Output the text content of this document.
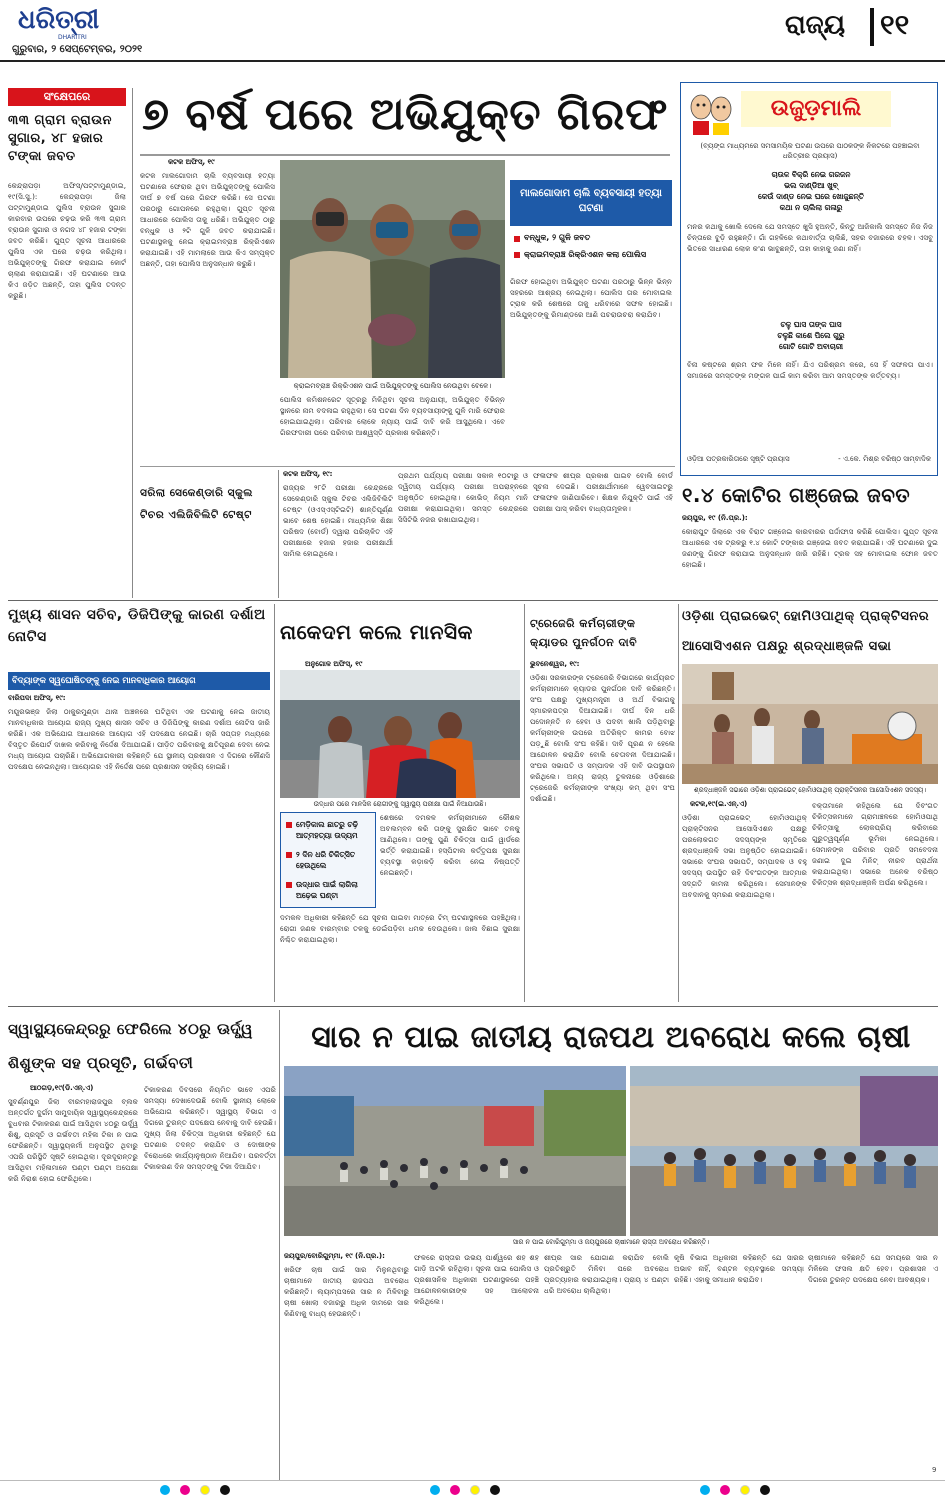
ଧରିତ୍ରୀ
DHARITRI
ଗୁରୁବାର, ୨ ସେପ୍ଟେମ୍ବର, ୨୦୨୧
ରାଜ୍ୟ ୧୧
ସଂକ୍ଷେପରେ
୩୩ ଗ୍ରାମ ବ୍ରାଉନ ସୁଗାର, ୪୮ ହଜାର ଟଙ୍କା ଜବତ
କେନ୍ଦ୍ରାପଡ଼ା ଅଫିସ୍‌/ପଟ୍ଟାମୁଣ୍ଡାଇ, ୧୯(ସି.ସୁ.): କେନ୍ଦ୍ରାପଡ଼ା ଜିଲା ପଟ୍ଟାମୁଣ୍ଡାଇ ପୁଲିସ ବ୍ରାଉନ ସୁଗାର କାରବାର ଉପରେ ଚଢ଼ଉ କରି ୩୩ ଗ୍ରାମ ବ୍ରାଉନ ସୁଗାର ଓ ନଗଦ ୪୮ ହଜାର ଟଙ୍କା ଜବତ କରିଛି। ଗୁପ୍ତ ସୂଚନା ଆଧାରରେ ପୁଲିସ ଏକ ଘରେ ଚଢ଼ଉ କରିଥିଲା। ଅଭିଯୁକ୍ତଙ୍କୁ ଗିରଫ କରାଯାଇ କୋର୍ଟ ଚାଲାଣ କରାଯାଇଛି। ଏହି ଘଟଣାରେ ଆଉ କିଏ ଜଡ଼ିତ ଅଛନ୍ତି, ତାହା ପୁଲିସ ତଦନ୍ତ କରୁଛି।
୭ ବର୍ଷ ପରେ ଅଭିଯୁକ୍ତ ଗିରଫ
କଟକ ଅଫିସ୍‌, ୧୯
କଟକ ମାଲଗୋଦାମ ଚାଲି ବ୍ୟବସାୟୀ ହତ୍ୟା ଘଟଣାରେ ଫେରାର ଥିବା ଅଭିଯୁକ୍ତଙ୍କୁ ପୋଲିସ ଦୀର୍ଘ ୭ ବର୍ଷ ପରେ ଗିରଫ କରିଛି। ସେ ଘଟଣା ପରଠାରୁ ଗୋପନରେ ରହୁଥିଲା। ଗୁପ୍ତ ସୂଚନା ଆଧାରରେ ପୋଲିସ ତାକୁ ଧରିଛି। ଅଭିଯୁକ୍ତ ଠାରୁ ବନ୍ଧୁକ ଓ ୨ଟି ଗୁଳି ଜବତ କରାଯାଇଛି। ଘଟଣାସ୍ଥଳକୁ ନେଇ କ୍ରାଇମବ୍ରାଞ୍ଚ ରିକ୍ରିଏଶନ କରାଯାଇଛି। ଏହି ମାମଲାରେ ଆଉ କିଏ ସମ୍ପୃକ୍ତ ଅଛନ୍ତି, ତାହା ପୋଲିସ ଅନୁସନ୍ଧାନ କରୁଛି।
କ୍ରାଇମବ୍ରାଞ୍ଚ ରିକ୍ରିଏଶନ ପାଇଁ ଅଭିଯୁକ୍ତଙ୍କୁ ପୋଲିସ ନେଉଥିବା ବେଳେ।
ମାଲଗୋଦାମ ଚାଲି ବ୍ୟବସାୟୀ ହତ୍ୟା ଘଟଣା
ବନ୍ଧୁକ, ୨ ଗୁଳି ଜବତ
କ୍ରାଇମବ୍ରାଞ୍ଚ ରିକ୍ରିଏଶନ କଲା ପୋଲିସ
ଗିରଫ ହୋଇଥିବା ଅଭିଯୁକ୍ତ ଘଟଣା ପରଠାରୁ ଭିନ୍ନ ଭିନ୍ନ ସହରରେ ଆଶ୍ରୟ ନେଇଥିଲା। ପୋଲିସ ତାର ମୋବାଇଲ ଟ୍ରାକ କରି ଶେଷରେ ତାକୁ ଧରିବାରେ ସଫଳ ହୋଇଛି। ଅଭିଯୁକ୍ତଙ୍କୁ ରିମାଣ୍ଡରେ ଆଣି ପଚରାଉଚରା କରାଯିବ।
ପୋଲିସ କମିଶନରେଟ ସୂତ୍ରରୁ ମିଳିଥିବା ସୂଚନା ଅନୁଯାୟୀ, ଅଭିଯୁକ୍ତ ବିଭିନ୍ନ ସ୍ଥାନରେ ନାମ ବଦଳାଇ ରହୁଥିଲା। ସେ ଘଟଣା ଦିନ ବ୍ୟବସାୟୀଙ୍କୁ ଗୁଳି ମାରି ଫେରାର ହୋଇଯାଇଥିଲା। ପରିବାର ଲୋକେ ନ୍ୟାୟ ପାଇଁ ଦାବି କରି ଆସୁଥିଲେ। ଏବେ ଗିରଫଦାରୀ ପରେ ପରିବାର ଆଶ୍ୱସ୍ତି ପ୍ରକାଶ କରିଛନ୍ତି।
ସରିଲା ସେକେଣ୍ଡାରି ସ୍କୁଲ ଟିଚର ଏଲିଜିବିଲିଟି ଟେଷ୍ଟ
କଟକ ଅଫିସ୍‌, ୧୯:
ରାଜ୍ୟର ୨୮ଟି ପରୀକ୍ଷା କେନ୍ଦ୍ରରେ ସେକେଣ୍ଡାରି ସ୍କୁଲ ଟିଚର ଏଲିଜିବିଲିଟି ଟେଷ୍ଟ (ଓଏସ୍‌ଏସ୍‌ଟିଇଟି) ଶାନ୍ତିପୂର୍ଣ୍ଣ ଭାବେ ଶେଷ ହୋଇଛି। ମାଧ୍ୟମିକ ଶିକ୍ଷା ପରିଷଦ (ବୋର୍ଡ) ଦ୍ୱାରା ପରିଚାଳିତ ଏହି ପରୀକ୍ଷାରେ ହଜାର ହଜାର ପରୀକ୍ଷାର୍ଥୀ ସାମିଲ ହୋଇଥିଲେ।
ପ୍ରଥମ ପର୍ଯ୍ୟାୟ ପରୀକ୍ଷା ସକାଳ ୧୦ଟାରୁ ଓ ଦ୍ୱିତୀୟ ପର୍ଯ୍ୟାୟ ପରୀକ୍ଷା ଅପରାହ୍ନରେ ଅନୁଷ୍ଠିତ ହୋଇଥିଲା। କୋଭିଡ୍ ନିୟମ ମାନି ପରୀକ୍ଷା କରାଯାଇଥିଲା। ସମସ୍ତ କେନ୍ଦ୍ରରେ ସିସିଟିଭି ନଜର ରଖାଯାଇଥିଲା।
ଫଳାଫଳ ଶୀଘ୍ର ପ୍ରକାଶ ପାଇବ ବୋଲି ବୋର୍ଡ ସୂଚନା ଦେଇଛି। ପରୀକ୍ଷାର୍ଥୀମାନେ ୱେବସାଇଟରୁ ଫଳାଫଳ ଜାଣିପାରିବେ। ଶିକ୍ଷକ ନିଯୁକ୍ତି ପାଇଁ ଏହି ପରୀକ୍ଷା ପାସ୍ କରିବା ବାଧ୍ୟତାମୂଳକ।
ଉଜୁଡ଼ମାଲି
(ବ୍ୟଙ୍ଗ ମାଧ୍ୟମରେ ସମସାମୟିକ ଘଟଣା ଉପରେ ପାଠକଙ୍କ ନିକଟରେ ପହଞ୍ଚାଇବା ଧରିତ୍ରୀର ପ୍ରୟାସ)
ଚାଉଳ ବିକ୍ରି ନେଇ ଗରଜନ
ଭଲ ଦାଣ୍ଡିଆ ଖୁବ୍‌
କେଉଁ ଦାଣ୍ଡ ନେଇ ଘରେ ଖୋଜୁଛନ୍ତି
କଥା ନ ଚାଲିଲା ଗଳାରୁ
ମନର କଥାକୁ ଖୋଲି ଦେଲେ ଯେ ସମସ୍ତେ ଖୁସି ହୁଅନ୍ତି, କିନ୍ତୁ ଆଜିକାଲି ସମସ୍ତେ ନିଜ ନିଜ ଚିନ୍ତାରେ ବୁଡ଼ି ରହୁଛନ୍ତି। ଗାଁ ଗହଳିରେ କଥାବାର୍ତ୍ତା ଚାଲିଛି, ସହର ବଜାରରେ ଚହଳ। ଏସବୁ ଭିତରେ ସାଧାରଣ ଲୋକ କ'ଣ ଭାବୁଛନ୍ତି, ତାହା କାହାକୁ ଜଣା ନାହିଁ।
ଚଳୁ ଘାସ ତାଙ୍କ ଘାସ
ଚଳୁଛି କାଶେ ପିଲେ ଗୁରୁ
ଗୋଟି ଗୋଟି ଅବାଚାରୀ
ବିନା କଷ୍ଟରେ ଶ୍ରମ ଫଳ ମିଳେ ନାହିଁ। ଯିଏ ପରିଶ୍ରମ କରେ, ସେ ହିଁ ସଫଳତା ପାଏ। ସମାଜରେ ସମସ୍ତଙ୍କ ମଙ୍ଗଳ ପାଇଁ କାମ କରିବା ଆମ ସମସ୍ତଙ୍କ କର୍ତ୍ତବ୍ୟ।
ଓଡ଼ିଆ ପତ୍ରକାରିତାରେ ସୃଷ୍ଟି ପ୍ରୟାସ	- ଏ.କେ. ମିଶ୍ର ବରିଷ୍ଠ ସାମ୍ବାଦିକ
୧.୪ କୋଟିର ଗଞ୍ଜେଇ ଜବତ
ଜୟପୁର, ୧୯ (ନି.ପ୍ର.):
କୋରାପୁଟ ଜିଲାରେ ଏକ ବିରାଟ ଗଞ୍ଜେଇ କାରବାରର ପର୍ଦ୍ଦାଫାସ କରିଛି ପୋଲିସ। ଗୁପ୍ତ ସୂଚନା ଆଧାରରେ ଏକ ଟ୍ରକରୁ ୧.୪ କୋଟି ଟଙ୍କାର ଗଞ୍ଜେଇ ଜବତ କରାଯାଇଛି। ଏହି ଘଟଣାରେ ଦୁଇ ଜଣଙ୍କୁ ଗିରଫ କରାଯାଇ ଅନୁସନ୍ଧାନ ଜାରି ରହିଛି। ଟ୍ରକ ସହ ମୋବାଇଲ ଫୋନ ଜବତ ହୋଇଛି।
ଓଡ଼ିଶା ପ୍ରାଇଭେଟ୍ ହୋମିଓପାଥିକ୍ ପ୍ରାକ୍ଟିସନର ଆସୋସିଏଶନ ପକ୍ଷରୁ ଶ୍ରଦ୍ଧାଞ୍ଜଳି ସଭା
ଶ୍ରଦ୍ଧାଞ୍ଜଳି ସଭାରେ ଓଡ଼ିଶା ପ୍ରାଇଭେଟ୍ ହୋମିଓପାଥିକ୍ ପ୍ରାକ୍ଟିସନର ଆସୋସିଏଶନ ସଦସ୍ୟ।
କଟକ,୧୯(ଇ.ଏନ୍.ଏ)
ଓଡ଼ିଶା ପ୍ରାଇଭେଟ୍ ହୋମିଓପାଥିକ୍ ପ୍ରାକ୍ଟିସନର ଆସୋସିଏଶନ ପକ୍ଷରୁ ପରଲୋକଗତ ସଦସ୍ୟଙ୍କ ସ୍ମୃତିରେ ଶ୍ରଦ୍ଧାଞ୍ଜଳି ସଭା ଅନୁଷ୍ଠିତ ହୋଇଯାଇଛି। ସଭାରେ ସଂଘର ସଭାପତି, ସମ୍ପାଦକ ଓ ବହୁ ସଦସ୍ୟ ଉପସ୍ଥିତ ରହି ଦିବଂଗତଙ୍କ ଆତ୍ମାର ସଦ୍‌ଗତି କାମନା କରିଥିଲେ। ସେମାନଙ୍କ ଅବଦାନକୁ ସ୍ମରଣ କରାଯାଇଥିଲା।
ବକ୍ତାମାନେ କହିଥିଲେ ଯେ ଦିବଂଗତ ଚିକିତ୍ସକମାନେ ଗ୍ରାମାଞ୍ଚଳରେ ହୋମିଓପାଥି ଚିକିତ୍ସାକୁ ଲୋକପ୍ରିୟ କରିବାରେ ଗୁରୁତ୍ୱପୂର୍ଣ୍ଣ ଭୂମିକା ନେଇଥିଲେ। ସେମାନଙ୍କ ପରିବାର ପ୍ରତି ସମବେଦନା ଜଣାଇ ଦୁଇ ମିନିଟ୍ ନୀରବ ପ୍ରାର୍ଥନା କରାଯାଇଥିଲା। ସଭାରେ ଅନେକ ବରିଷ୍ଠ ଚିକିତ୍ସକ ଶ୍ରଦ୍ଧାଞ୍ଜଳି ଅର୍ପଣ କରିଥିଲେ।
ମୁଖ୍ୟ ଶାସନ ସଚିବ, ଡିଜିପିଙ୍କୁ କାରଣ ଦର୍ଶାଅ ନୋଟିସ
ବିଦ୍ୟାଙ୍କ ସ୍ୱଘୋଷିତଙ୍କୁ ନେଇ ମାନବାଧିକାର ଆୟୋଗ
ବାରିପଦା ଅଫିସ୍‌, ୧୯:
ମୟୂରଭଞ୍ଜ ଜିଲା ଠାକୁରମୁଣ୍ଡା ଥାନା ଅଞ୍ଚଳରେ ଘଟିଥିବା ଏକ ଘଟଣାକୁ ନେଇ ଜାତୀୟ ମାନବାଧିକାର ଆୟୋଗ ରାଜ୍ୟ ମୁଖ୍ୟ ଶାସନ ସଚିବ ଓ ଡିଜିପିଙ୍କୁ କାରଣ ଦର୍ଶାଅ ନୋଟିସ ଜାରି କରିଛି। ଏକ ଅଭିଯୋଗ ଆଧାରରେ ଆୟୋଗ ଏହି ପଦକ୍ଷେପ ନେଇଛି। ଚାରି ସପ୍ତାହ ମଧ୍ୟରେ ବିସ୍ତୃତ ରିପୋର୍ଟ ଦାଖଲ କରିବାକୁ ନିର୍ଦ୍ଦେଶ ଦିଆଯାଇଛି। ପୀଡ଼ିତ ପରିବାରକୁ କ୍ଷତିପୂରଣ ଦେବା ନେଇ ମଧ୍ୟ ଆୟୋଗ ପଚାରିଛି। ଅଭିଯୋଗକାରୀ କହିଛନ୍ତି ଯେ ସ୍ଥାନୀୟ ପ୍ରଶାସନ ଏ ଦିଗରେ କୌଣସି ପଦକ୍ଷେପ ନେଇନଥିଲା। ଆୟୋଗର ଏହି ନିର୍ଦ୍ଦେଶ ପରେ ପ୍ରଶାସନ ସକ୍ରିୟ ହୋଇଛି।
ନାକେଦମ କଲେ ମାନସିକ
ଅନୁଗୋଳ ଅଫିସ୍‌, ୧୯
ଉଦ୍ଧାର ପରେ ମାନସିକ ରୋଗୀଙ୍କୁ ସ୍ୱାସ୍ଥ୍ୟ ପରୀକ୍ଷା ପାଇଁ ନିଆଯାଉଛି।
ମେଡ଼ିକାଲ ଛାତରୁ ଚଢ଼ି ଆତ୍ମହତ୍ୟା ଉଦ୍ୟମ
୨ ଦିନ ଧରି ଚିକିତ୍ସିତ ହେଉଥିଲେ
ଉଦ୍ଧାର ପାଇଁ ଲାଗିଲା ଅଢ଼େଇ ଘଣ୍ଟା
ଶେଷରେ ଦମକଳ କର୍ମଚାରୀମାନେ କୌଶଳ ଅବଲମ୍ବନ କରି ତାଙ୍କୁ ସୁରକ୍ଷିତ ଭାବେ ତଳକୁ ଆଣିଥିଲେ। ତାଙ୍କୁ ପୁଣି ଚିକିତ୍ସା ପାଇଁ ୱାର୍ଡରେ ଭର୍ତ୍ତି କରାଯାଇଛି। ହସ୍ପିଟାଲ କର୍ତ୍ତୃପକ୍ଷ ସୁରକ୍ଷା ବ୍ୟବସ୍ଥା କଡ଼ାକଡ଼ି କରିବା ନେଇ ନିଷ୍ପତ୍ତି ନେଇଛନ୍ତି।
ଦମକଳ ଅଧିକାରୀ କହିଛନ୍ତି ଯେ ସୂଚନା ପାଇବା ମାତ୍ରେ ଟିମ୍ ଘଟଣାସ୍ଥଳରେ ପହଞ୍ଚିଥିଲା। ରୋଗୀ ଜଣକ ବାରମ୍ବାର ତଳକୁ ଡେଇଁପଡ଼ିବା ଧମକ ଦେଉଥିଲେ। ଜାଲ ବିଛାଇ ସୁରକ୍ଷା ନିଶ୍ଚିତ କରାଯାଇଥିଲା।
ଟ୍ରେଜେରି କର୍ମଚାରୀଙ୍କ କ୍ୟାଡର ପୁନର୍ଗଠନ ଦାବି
ଭୁବନେଶ୍ୱର, ୧୯:
ଓଡ଼ିଶା ସରକାରଙ୍କ ଟ୍ରେଜେରି ବିଭାଗରେ କାର୍ଯ୍ୟରତ କର୍ମଚାରୀମାନେ କ୍ୟାଡର ପୁନର୍ଗଠନ ଦାବି କରିଛନ୍ତି। ସଂଘ ପକ୍ଷରୁ ମୁଖ୍ୟମନ୍ତ୍ରୀ ଓ ଅର୍ଥ ବିଭାଗକୁ ସ୍ମାରକପତ୍ର ଦିଆଯାଇଛି। ଦୀର୍ଘ ଦିନ ଧରି ପଦୋନ୍ନତି ନ ହେବା ଓ ପଦବୀ ଖାଲି ପଡ଼ିଥିବାରୁ କର୍ମଚାରୀଙ୍କ ଉପରେ ଅତିରିକ୍ତ କାମର ବୋଝ ପଡ଼ୁଛି ବୋଲି ସଂଘ କହିଛି। ଦାବି ପୂରଣ ନ ହେଲେ ଆନ୍ଦୋଳନ କରାଯିବ ବୋଲି ଚେତାବନୀ ଦିଆଯାଇଛି। ସଂଘର ସଭାପତି ଓ ସମ୍ପାଦକ ଏହି ଦାବି ଉପସ୍ଥାପନ କରିଥିଲେ। ଅନ୍ୟ ରାଜ୍ୟ ତୁଳନାରେ ଓଡ଼ିଶାରେ ଟ୍ରେଜେରି କର୍ମଚାରୀଙ୍କ ସଂଖ୍ୟା କମ୍ ଥିବା ସଂଘ ଦର୍ଶାଇଛି।
ସ୍ୱାସ୍ଥ୍ୟକେନ୍ଦ୍ରରୁ ଫେରିଲେ ୪୦ରୁ ଊର୍ଦ୍ଧ୍ୱ ଶିଶୁଙ୍କ ସହ ପ୍ରସୂତି, ଗର୍ଭବତୀ
ଆଠଗଡ଼,୧୯(ଡି.ଏନ୍.ଏ)
ସୁବର୍ଣ୍ଣପୁର ଜିଲା ବୀରମହାରାଜପୁର ବ୍ଲକ ଅନ୍ତର୍ଗତ ଦୁର୍ଗମ ସାମୁଦାୟିକ ସ୍ୱାସ୍ଥ୍ୟକେନ୍ଦ୍ରରେ ବୁଧବାର ଟିକାକରଣ ପାଇଁ ଆସିଥିବା ୪୦ରୁ ଊର୍ଦ୍ଧ୍ୱ ଶିଶୁ, ପ୍ରସୂତି ଓ ଗର୍ଭବତୀ ମହିଳା ଟିକା ନ ପାଇ ଫେରିଛନ୍ତି। ସ୍ୱାସ୍ଥ୍ୟକର୍ମୀ ଅନୁପସ୍ଥିତ ଥିବାରୁ ଏପରି ପରିସ୍ଥିତି ସୃଷ୍ଟି ହୋଇଥିଲା। ଦୂରଦୂରାନ୍ତରୁ ଆସିଥିବା ମହିଳାମାନେ ଘଣ୍ଟା ଘଣ୍ଟା ଅପେକ୍ଷା କରି ନିରାଶ ହୋଇ ଫେରିଥିଲେ।
ଟିକାକରଣ ଦିବସରେ ନିୟମିତ ଭାବେ ଏପରି ସମସ୍ୟା ଦେଖାଦେଉଛି ବୋଲି ସ୍ଥାନୀୟ ଲୋକେ ଅଭିଯୋଗ କରିଛନ୍ତି। ସ୍ୱାସ୍ଥ୍ୟ ବିଭାଗ ଏ ଦିଗରେ ତୁରନ୍ତ ପଦକ୍ଷେପ ନେବାକୁ ଦାବି ହେଉଛି। ମୁଖ୍ୟ ଜିଲା ଚିକିତ୍ସା ଅଧିକାରୀ କହିଛନ୍ତି ଯେ ଘଟଣାର ତଦନ୍ତ କରାଯିବ ଓ ଦୋଷୀଙ୍କ ବିରୋଧରେ କାର୍ଯ୍ୟାନୁଷ୍ଠାନ ନିଆଯିବ। ପରବର୍ତ୍ତୀ ଟିକାକରଣ ଦିନ ସମସ୍ତଙ୍କୁ ଟିକା ଦିଆଯିବ।
ସାର ନ ପାଇ ଜାତୀୟ ରାଜପଥ ଅବରୋଧ କଲେ ଚାଷୀ
ସାର ନ ପାଇ ବୋରିଗୁମ୍ମା ଓ ଜୟପୁରରେ ଚାଷୀମାନେ ରାସ୍ତା ଅବରୋଧ କରିଛନ୍ତି।
ଜୟପୁର/ବୋରିଗୁମ୍ମା, ୧୯ (ନି.ପ୍ର.):
ଖରିଫ ଚାଷ ପାଇଁ ସାର ମିଳୁନଥିବାରୁ ଚାଷୀମାନେ ଜାତୀୟ ରାଜପଥ ଅବରୋଧ କରିଛନ୍ତି। ଲ୍ୟାମ୍ପସରେ ସାର ନ ମିଳିବାରୁ ଚାଷୀ ଖୋଲା ବଜାରରୁ ଅଧିକ ଦାମରେ ସାର କିଣିବାକୁ ବାଧ୍ୟ ହେଉଛନ୍ତି।
ଫଳରେ ରାସ୍ତାର ଉଭୟ ପାର୍ଶ୍ୱରେ ଶହ ଶହ ଗାଡ଼ି ଅଟକି ରହିଥିଲା। ସୂଚନା ପାଇ ପୋଲିସ ଓ ପ୍ରଶାସନିକ ଅଧିକାରୀ ଘଟଣାସ୍ଥଳରେ ପହଞ୍ଚି ଆନ୍ଦୋଳନକାରୀଙ୍କ ସହ ଆଲୋଚନା କରିଥିଲେ।
ଶୀଘ୍ର ସାର ଯୋଗାଣ କରାଯିବ ବୋଲି ପ୍ରତିଶ୍ରୁତି ମିଳିବା ପରେ ଅବରୋଧ ପ୍ରତ୍ୟାହାର କରାଯାଇଥିଲା। ପ୍ରାୟ ୪ ଘଣ୍ଟା ଧରି ଅବରୋଧ ଚାଲିଥିଲା।
କୃଷି ବିଭାଗ ଅଧିକାରୀ କହିଛନ୍ତି ଯେ ସାରର ଅଭାବ ନାହିଁ, ବଣ୍ଟନ ବ୍ୟବସ୍ଥାରେ ସମସ୍ୟା ରହିଛି। ଏହାକୁ ସମାଧାନ କରାଯିବ।
ଚାଷୀମାନେ କହିଛନ୍ତି ଯେ ସମୟରେ ସାର ନ ମିଳିଲେ ଫସଲ କ୍ଷତି ହେବ। ପ୍ରଶାସନ ଏ ଦିଗରେ ତୁରନ୍ତ ପଦକ୍ଷେପ ନେବା ଆବଶ୍ୟକ।
9
